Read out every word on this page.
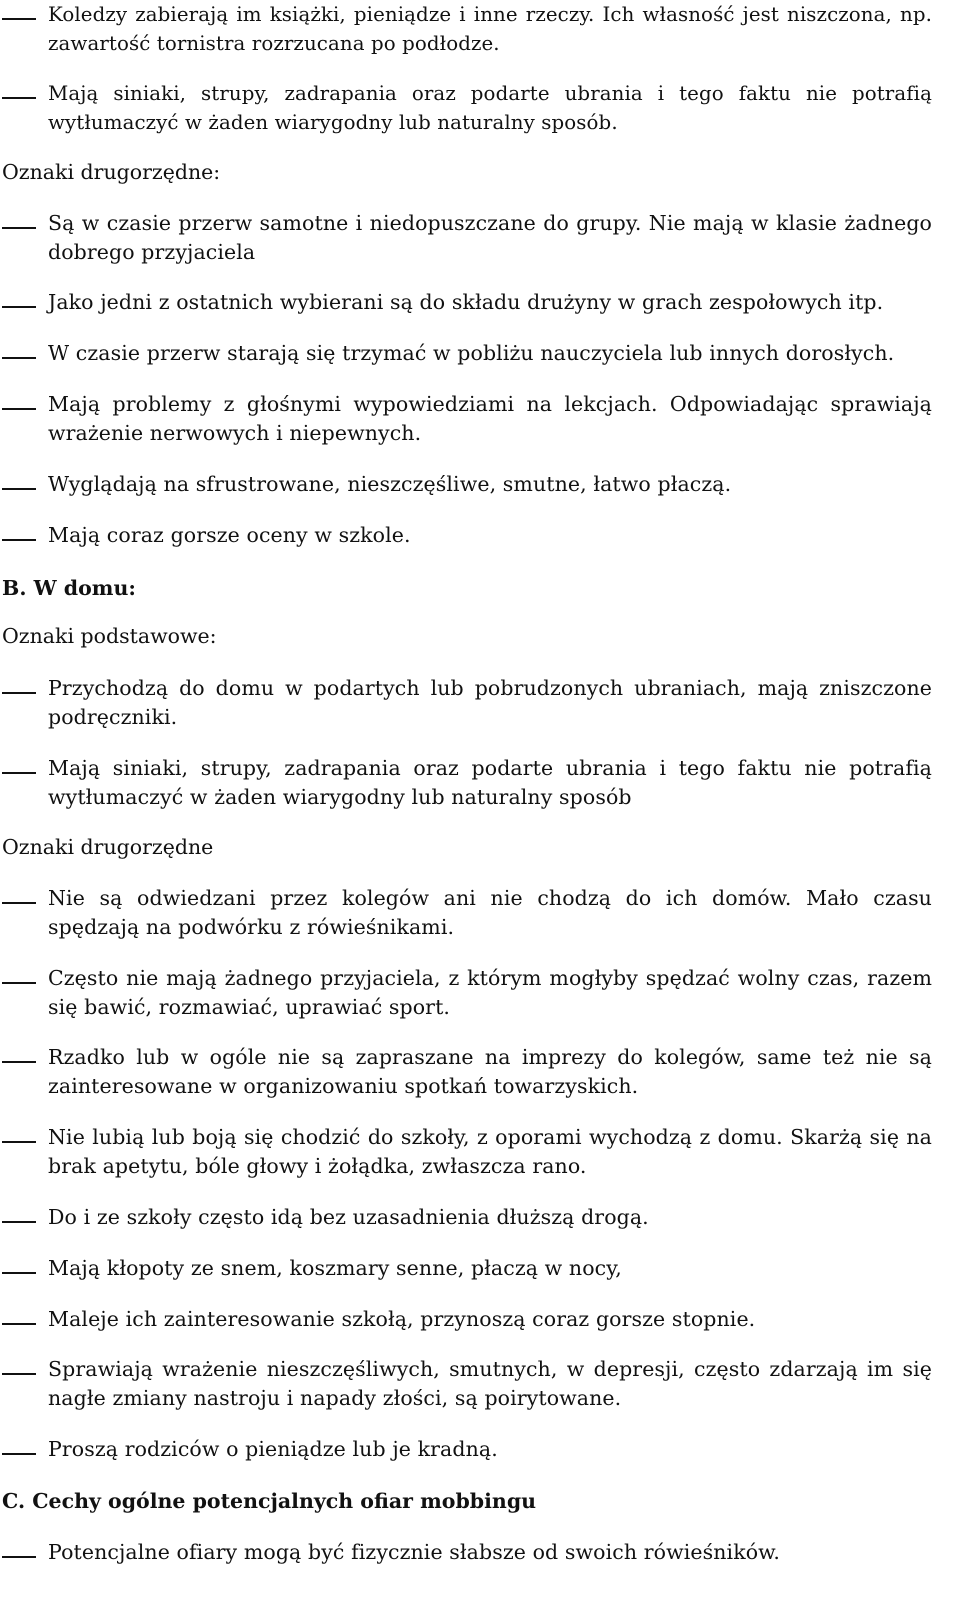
Koledzy zabierają im książki, pieniądze i inne rzeczy. Ich własność jest niszczona, np. zawartość tornistra rozrzucana po podłodze.
Mają siniaki, strupy, zadrapania oraz podarte ubrania i tego faktu nie potrafią wytłumaczyć w żaden wiarygodny lub naturalny sposób.
Oznaki drugorzędne:
Są w czasie przerw samotne i niedopuszczane do grupy. Nie mają w klasie żadnego dobrego przyjaciela
Jako jedni z ostatnich wybierani są do składu drużyny w grach zespołowych itp.
W czasie przerw starają się trzymać w pobliżu nauczyciela lub innych dorosłych.
Mają problemy z głośnymi wypowiedziami na lekcjach. Odpowiadając sprawiają wrażenie nerwowych i niepewnych.
Wyglądają na sfrustrowane, nieszczęśliwe, smutne, łatwo płaczą.
Mają coraz gorsze oceny w szkole.
B. W domu:
Oznaki podstawowe:
Przychodzą do domu w podartych lub pobrudzonych ubraniach, mają zniszczone podręczniki.
Mają siniaki, strupy, zadrapania oraz podarte ubrania i tego faktu nie potrafią wytłumaczyć w żaden wiarygodny lub naturalny sposób
Oznaki drugorzędne
Nie są odwiedzani przez kolegów ani nie chodzą do ich domów. Mało czasu spędzają na podwórku z rówieśnikami.
Często nie mają żadnego przyjaciela, z którym mogłyby spędzać wolny czas, razem się bawić, rozmawiać, uprawiać sport.
Rzadko lub w ogóle nie są zapraszane na imprezy do kolegów, same też nie są zainteresowane w organizowaniu spotkań towarzyskich.
Nie lubią lub boją się chodzić do szkoły, z oporami wychodzą z domu. Skarżą się na brak apetytu, bóle głowy i żołądka, zwłaszcza rano.
Do i ze szkoły często idą bez uzasadnienia dłuższą drogą.
Mają kłopoty ze snem, koszmary senne, płaczą w nocy,
Maleje ich zainteresowanie szkołą, przynoszą coraz gorsze stopnie.
Sprawiają wrażenie nieszczęśliwych, smutnych, w depresji, często zdarzają im się nagłe zmiany nastroju i napady złości, są poirytowane.
Proszą rodziców o pieniądze lub je kradną.
C. Cechy ogólne potencjalnych ofiar mobbingu
Potencjalne ofiary mogą być fizycznie słabsze od swoich rówieśników.
